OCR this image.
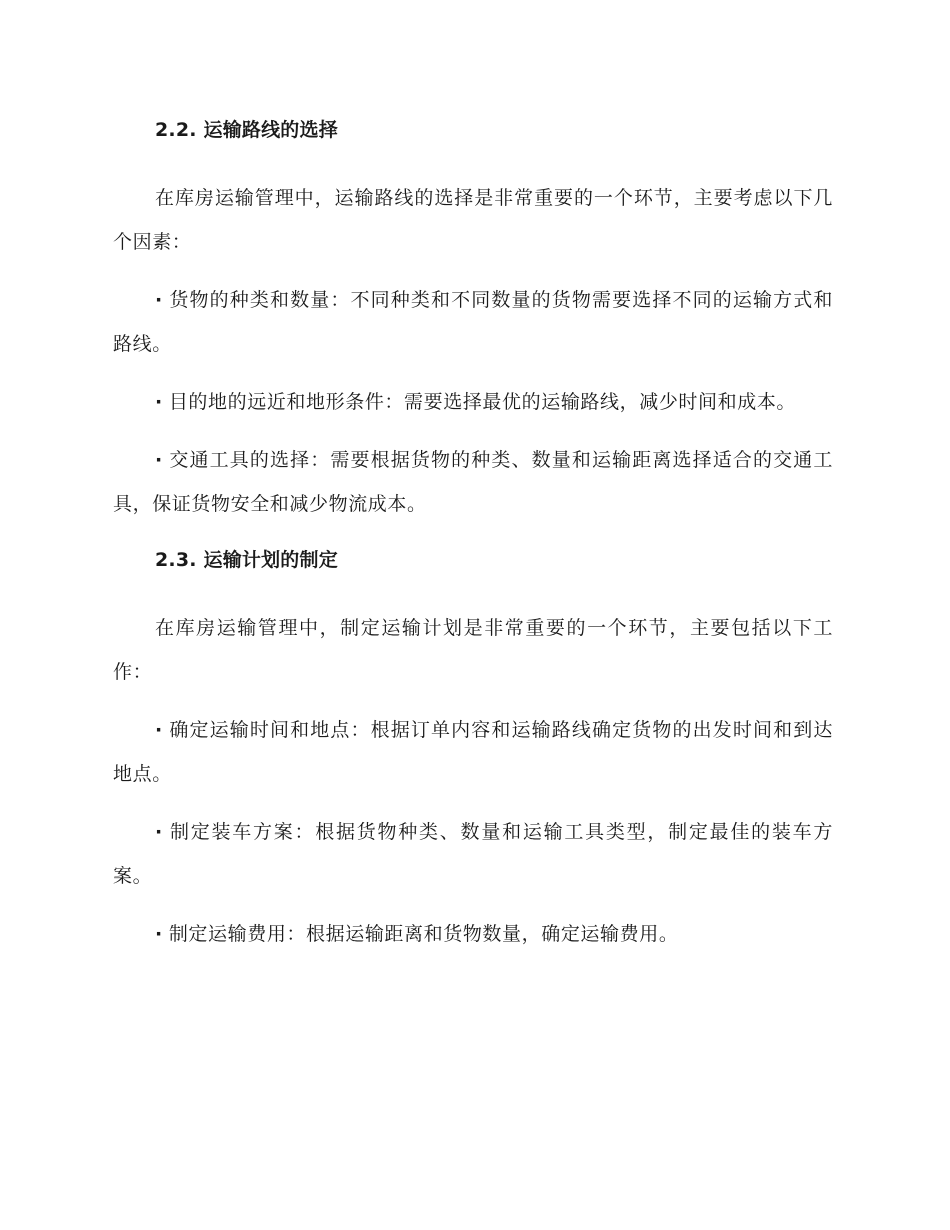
2.2. 运输路线的选择

在库房运输管理中，运输路线的选择是非常重要的一个环节，主要考虑以下几个因素：

· 货物的种类和数量：不同种类和不同数量的货物需要选择不同的运输方式和路线。

· 目的地的远近和地形条件：需要选择最优的运输路线，减少时间和成本。

· 交通工具的选择：需要根据货物的种类、数量和运输距离选择适合的交通工具，保证货物安全和减少物流成本。

2.3. 运输计划的制定

在库房运输管理中，制定运输计划是非常重要的一个环节，主要包括以下工作：

· 确定运输时间和地点：根据订单内容和运输路线确定货物的出发时间和到达地点。

· 制定装车方案：根据货物种类、数量和运输工具类型，制定最佳的装车方案。

· 制定运输费用：根据运输距离和货物数量，确定运输费用。
